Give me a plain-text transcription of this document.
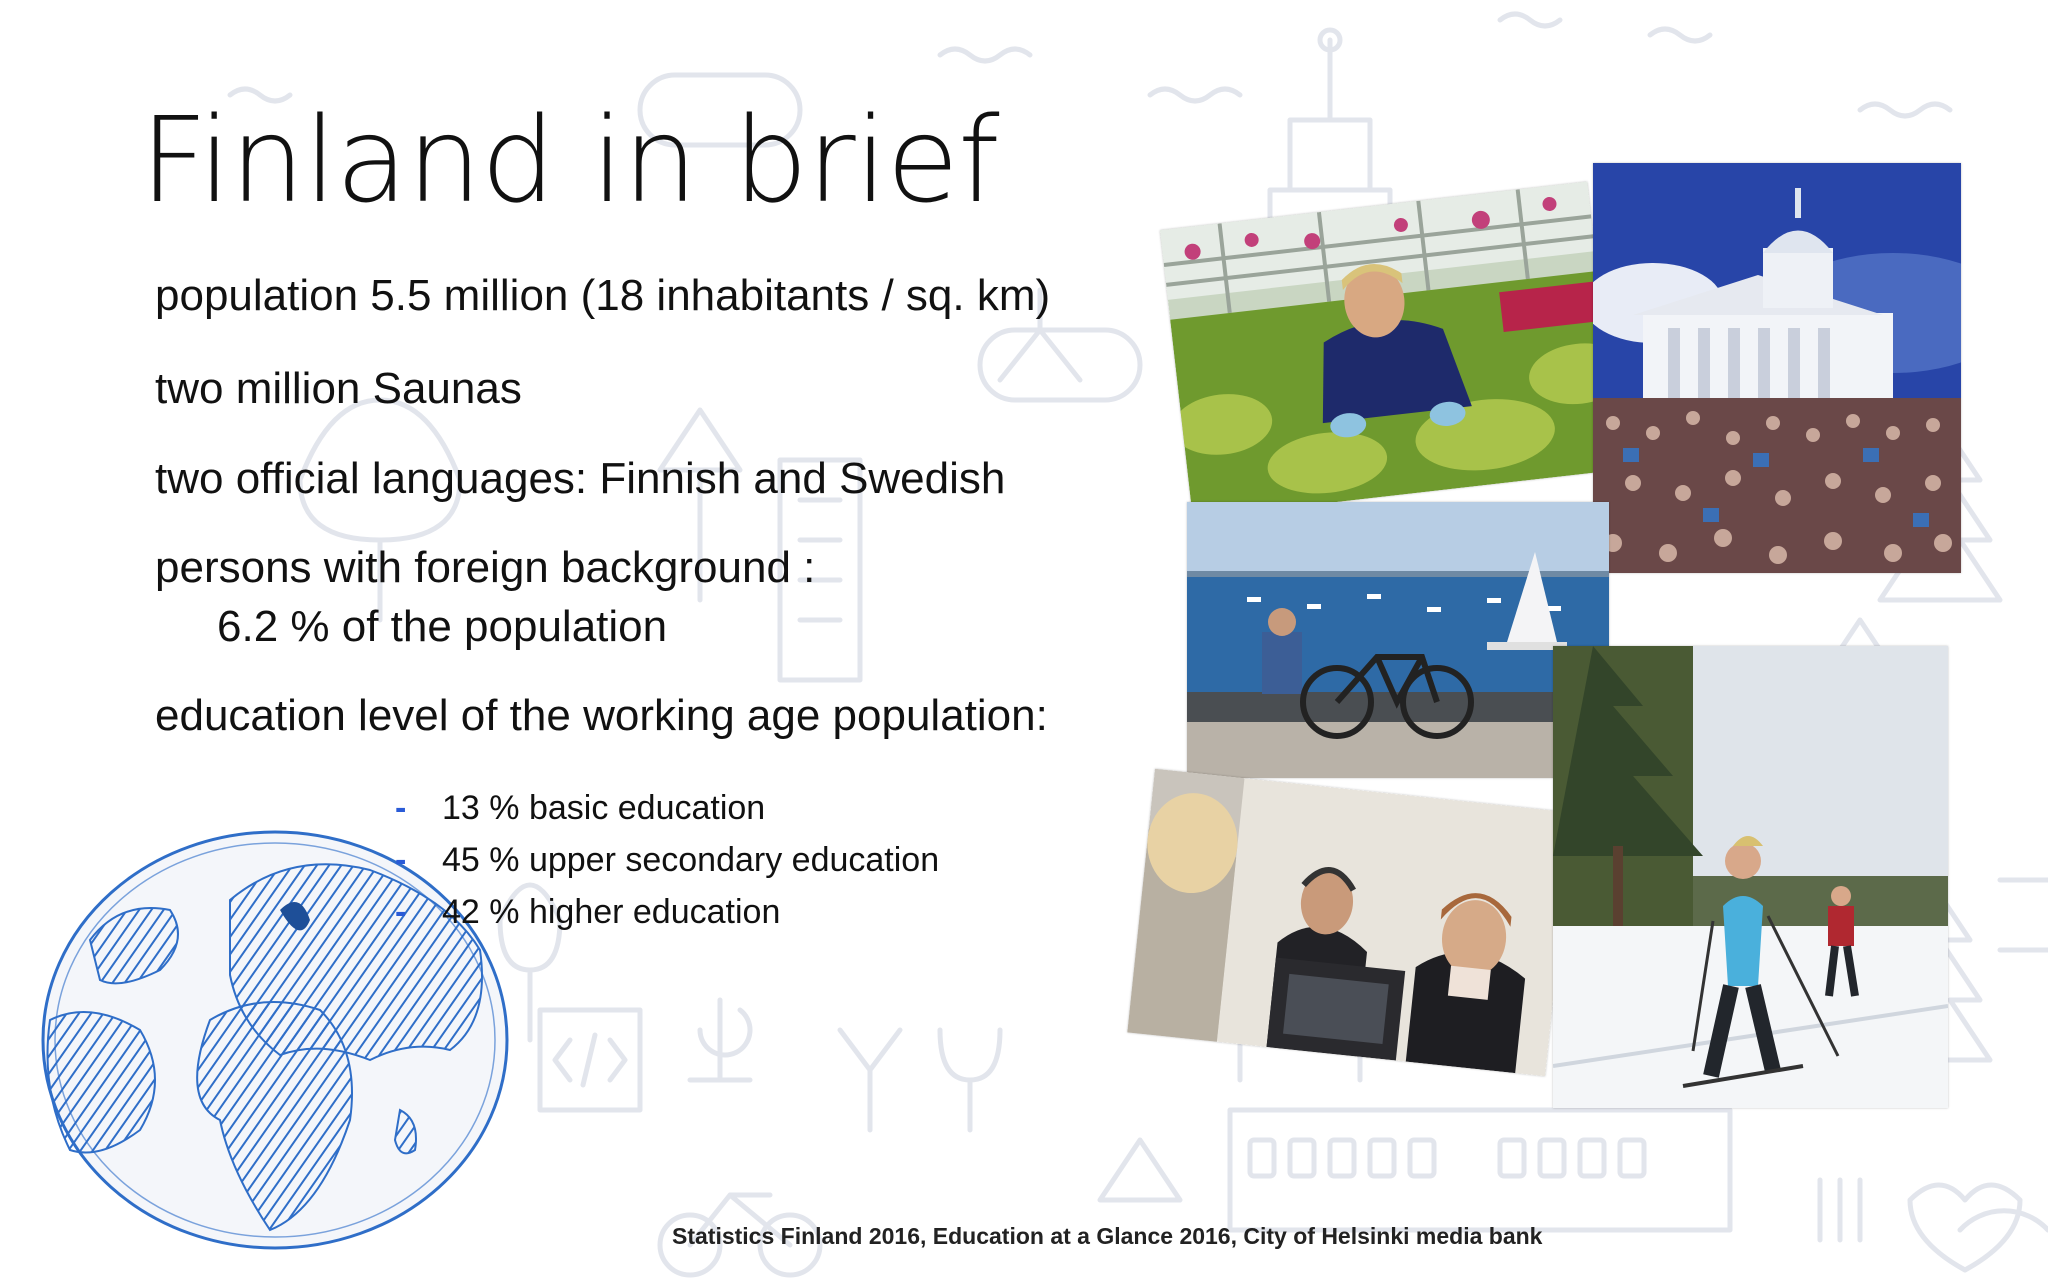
Finland in brief
population 5.5 million (18 inhabitants / sq. km)
two million Saunas
two official languages: Finnish and Swedish
persons with foreign background :
6.2 % of the population
education level of the working age population:
- 13 % basic education
- 45 % upper secondary education
- 42 % higher education
Statistics Finland 2016, Education at a Glance 2016, City of Helsinki media bank
